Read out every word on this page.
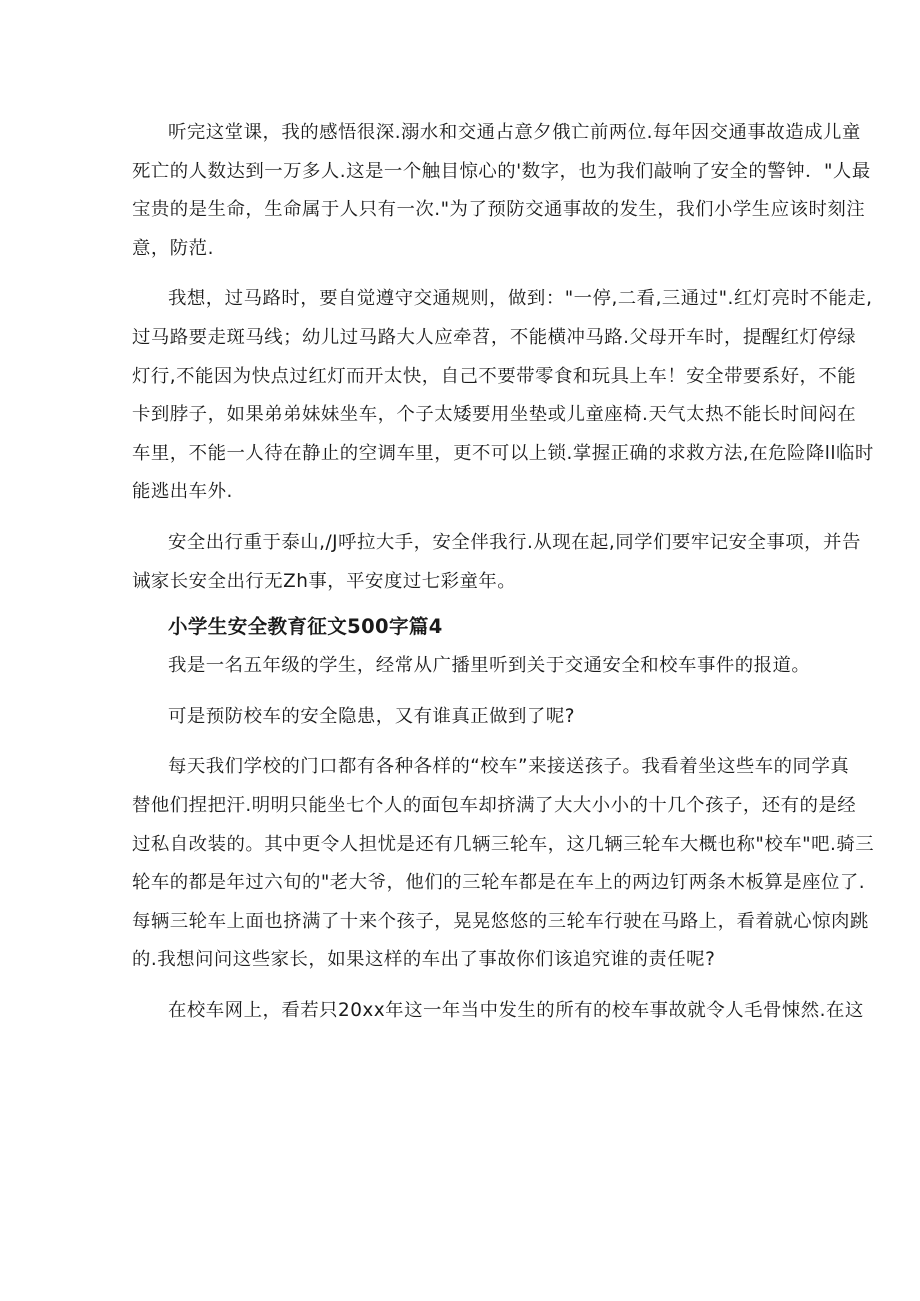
听完这堂课，我的感悟很深.溺水和交通占意夕俄亡前两位.每年因交通事故造成儿童
死亡的人数达到一万多人.这是一个触目惊心的'数字，也为我们敲响了安全的警钟．"人最
宝贵的是生命，生命属于人只有一次."为了预防交通事故的发生，我们小学生应该时刻注
意，防范.

我想，过马路时，要自觉遵守交通规则，做到："一停,二看,三通过".红灯亮时不能走,
过马路要走斑马线；幼儿过马路大人应牵苕，不能横冲马路.父母开车时，提醒红灯停绿
灯行,不能因为快点过红灯而开太快，自己不要带零食和玩具上车！安全带要系好，不能
卡到脖子，如果弟弟妹妹坐车，个子太矮要用坐垫或儿童座椅.天气太热不能长时间闷在
车里，不能一人待在静止的空调车里，更不可以上锁.掌握正确的求救方法,在危险降ll临时
能逃出车外.

安全出行重于泰山,/J呼拉大手，安全伴我行.从现在起,同学们要牢记安全事项，并告
诫家长安全出行无Zh事，平安度过七彩童年。

小学生安全教育征文500字篇4

我是一名五年级的学生，经常从广播里听到关于交通安全和校车事件的报道。

可是预防校车的安全隐患，又有谁真正做到了呢?

每天我们学校的门口都有各种各样的“校车”来接送孩子。我看着坐这些车的同学真
替他们捏把汗.明明只能坐七个人的面包车却挤满了大大小小的十几个孩子，还有的是经
过私自改装的。其中更令人担忧是还有几辆三轮车，这几辆三轮车大概也称"校车"吧.骑三
轮车的都是年过六旬的"老大爷，他们的三轮车都是在车上的两边钉两条木板算是座位了.
每辆三轮车上面也挤满了十来个孩子，晃晃悠悠的三轮车行驶在马路上，看着就心惊肉跳
的.我想问问这些家长，如果这样的车出了事故你们该追究谁的责任呢?

在校车网上，看若只20xx年这一年当中发生的所有的校车事故就令人毛骨悚然.在这
